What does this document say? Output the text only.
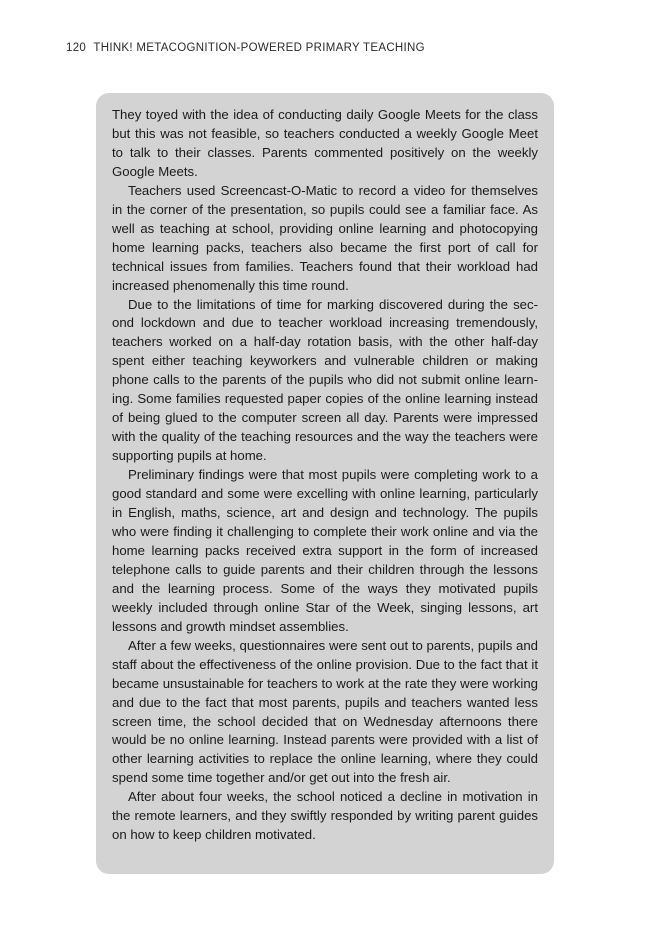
120 THINK! METACOGNITION-POWERED PRIMARY TEACHING

They toyed with the idea of conducting daily Google Meets for the class but this was not feasible, so teachers conducted a weekly Google Meet to talk to their classes. Parents commented positively on the weekly Google Meets.

Teachers used Screencast-O-Matic to record a video for themselves in the corner of the presentation, so pupils could see a familiar face. As well as teaching at school, providing online learning and photocopying home learning packs, teachers also became the first port of call for technical issues from families. Teachers found that their workload had increased phenomenally this time round.

Due to the limitations of time for marking discovered during the second lockdown and due to teacher workload increasing tremendously, teachers worked on a half-day rotation basis, with the other half-day spent either teaching keyworkers and vulnerable children or making phone calls to the parents of the pupils who did not submit online learning. Some families requested paper copies of the online learning instead of being glued to the computer screen all day. Parents were impressed with the quality of the teaching resources and the way the teachers were supporting pupils at home.

Preliminary findings were that most pupils were completing work to a good standard and some were excelling with online learning, particularly in English, maths, science, art and design and technology. The pupils who were finding it challenging to complete their work online and via the home learning packs received extra support in the form of increased telephone calls to guide parents and their children through the lessons and the learning process. Some of the ways they motivated pupils weekly included through online Star of the Week, singing lessons, art lessons and growth mindset assemblies.

After a few weeks, questionnaires were sent out to parents, pupils and staff about the effectiveness of the online provision. Due to the fact that it became unsustainable for teachers to work at the rate they were working and due to the fact that most parents, pupils and teachers wanted less screen time, the school decided that on Wednesday afternoons there would be no online learning. Instead parents were provided with a list of other learning activities to replace the online learning, where they could spend some time together and/or get out into the fresh air.

After about four weeks, the school noticed a decline in motivation in the remote learners, and they swiftly responded by writing parent guides on how to keep children motivated.
